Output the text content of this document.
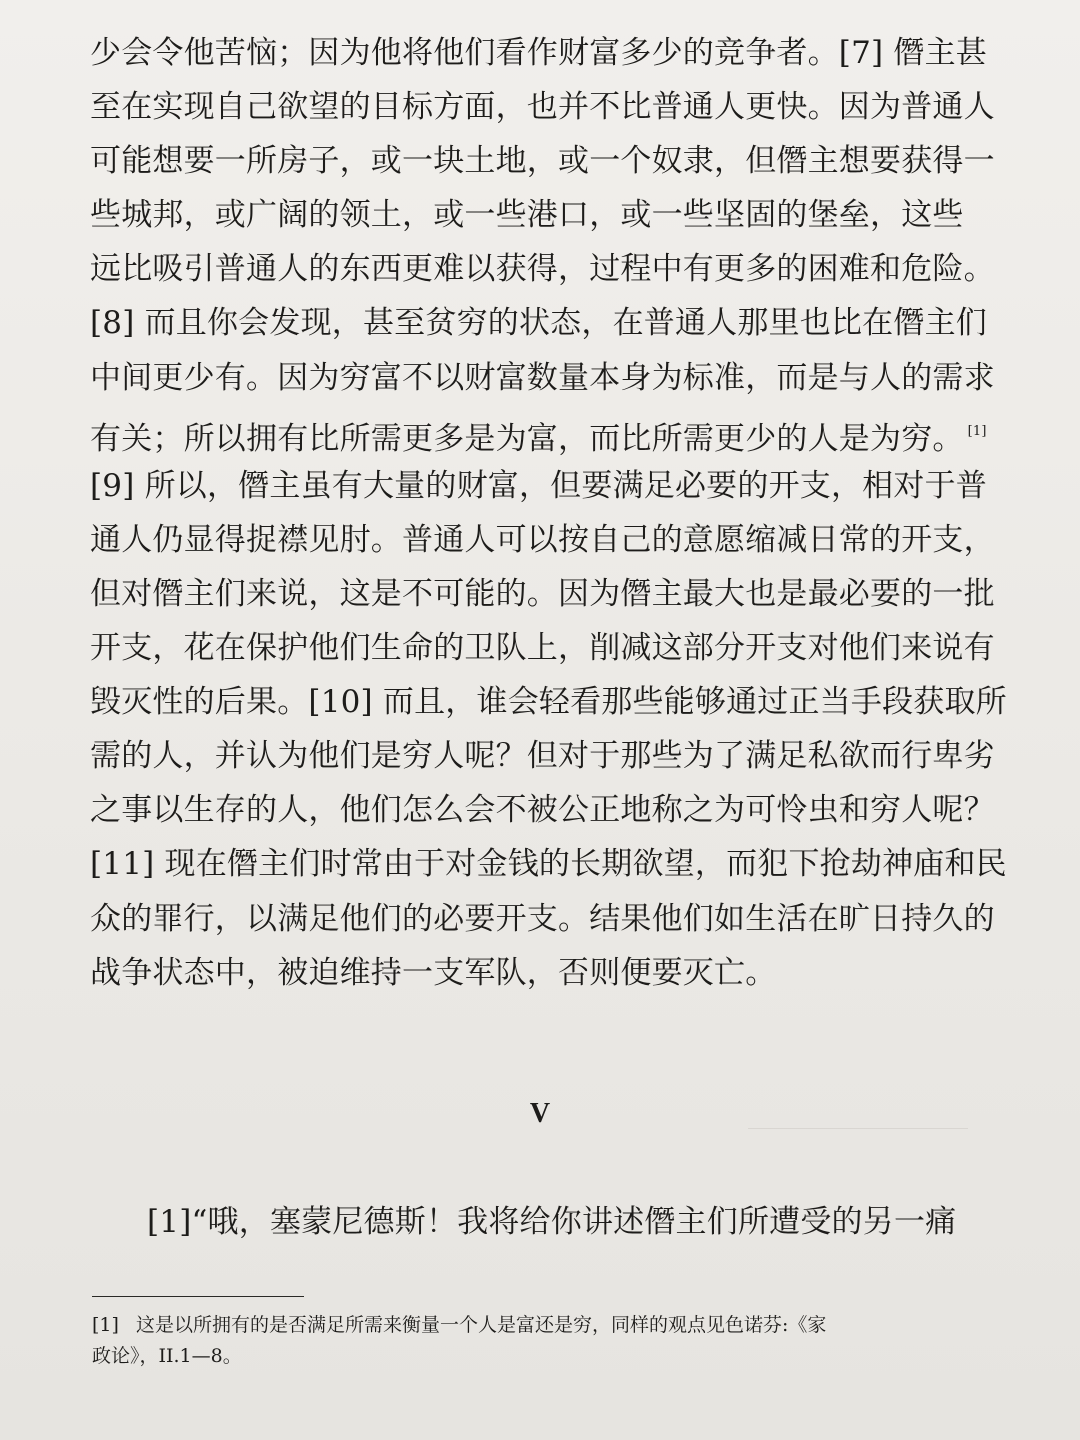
少会令他苦恼；因为他将他们看作财富多少的竞争者。[7] 僭主甚
至在实现自己欲望的目标方面，也并不比普通人更快。因为普通人
可能想要一所房子，或一块土地，或一个奴隶，但僭主想要获得一
些城邦，或广阔的领土，或一些港口，或一些坚固的堡垒，这些
远比吸引普通人的东西更难以获得，过程中有更多的困难和危险。
[8] 而且你会发现，甚至贫穷的状态，在普通人那里也比在僭主们
中间更少有。因为穷富不以财富数量本身为标准，而是与人的需求
有关；所以拥有比所需更多是为富，而比所需更少的人是为穷。 [1]
[9] 所以，僭主虽有大量的财富，但要满足必要的开支，相对于普
通人仍显得捉襟见肘。普通人可以按自己的意愿缩减日常的开支，
但对僭主们来说，这是不可能的。因为僭主最大也是最必要的一批
开支，花在保护他们生命的卫队上，削减这部分开支对他们来说有
毁灭性的后果。[10] 而且，谁会轻看那些能够通过正当手段获取所
需的人，并认为他们是穷人呢？但对于那些为了满足私欲而行卑劣
之事以生存的人，他们怎么会不被公正地称之为可怜虫和穷人呢？
[11] 现在僭主们时常由于对金钱的长期欲望，而犯下抢劫神庙和民
众的罪行，以满足他们的必要开支。结果他们如生活在旷日持久的
战争状态中，被迫维持一支军队，否则便要灭亡。
V
[1]“哦，塞蒙尼德斯！我将给你讲述僭主们所遭受的另一痛
[1] 这是以所拥有的是否满足所需来衡量一个人是富还是穷，同样的观点见色诺芬:《家
政论》，II.1—8。
